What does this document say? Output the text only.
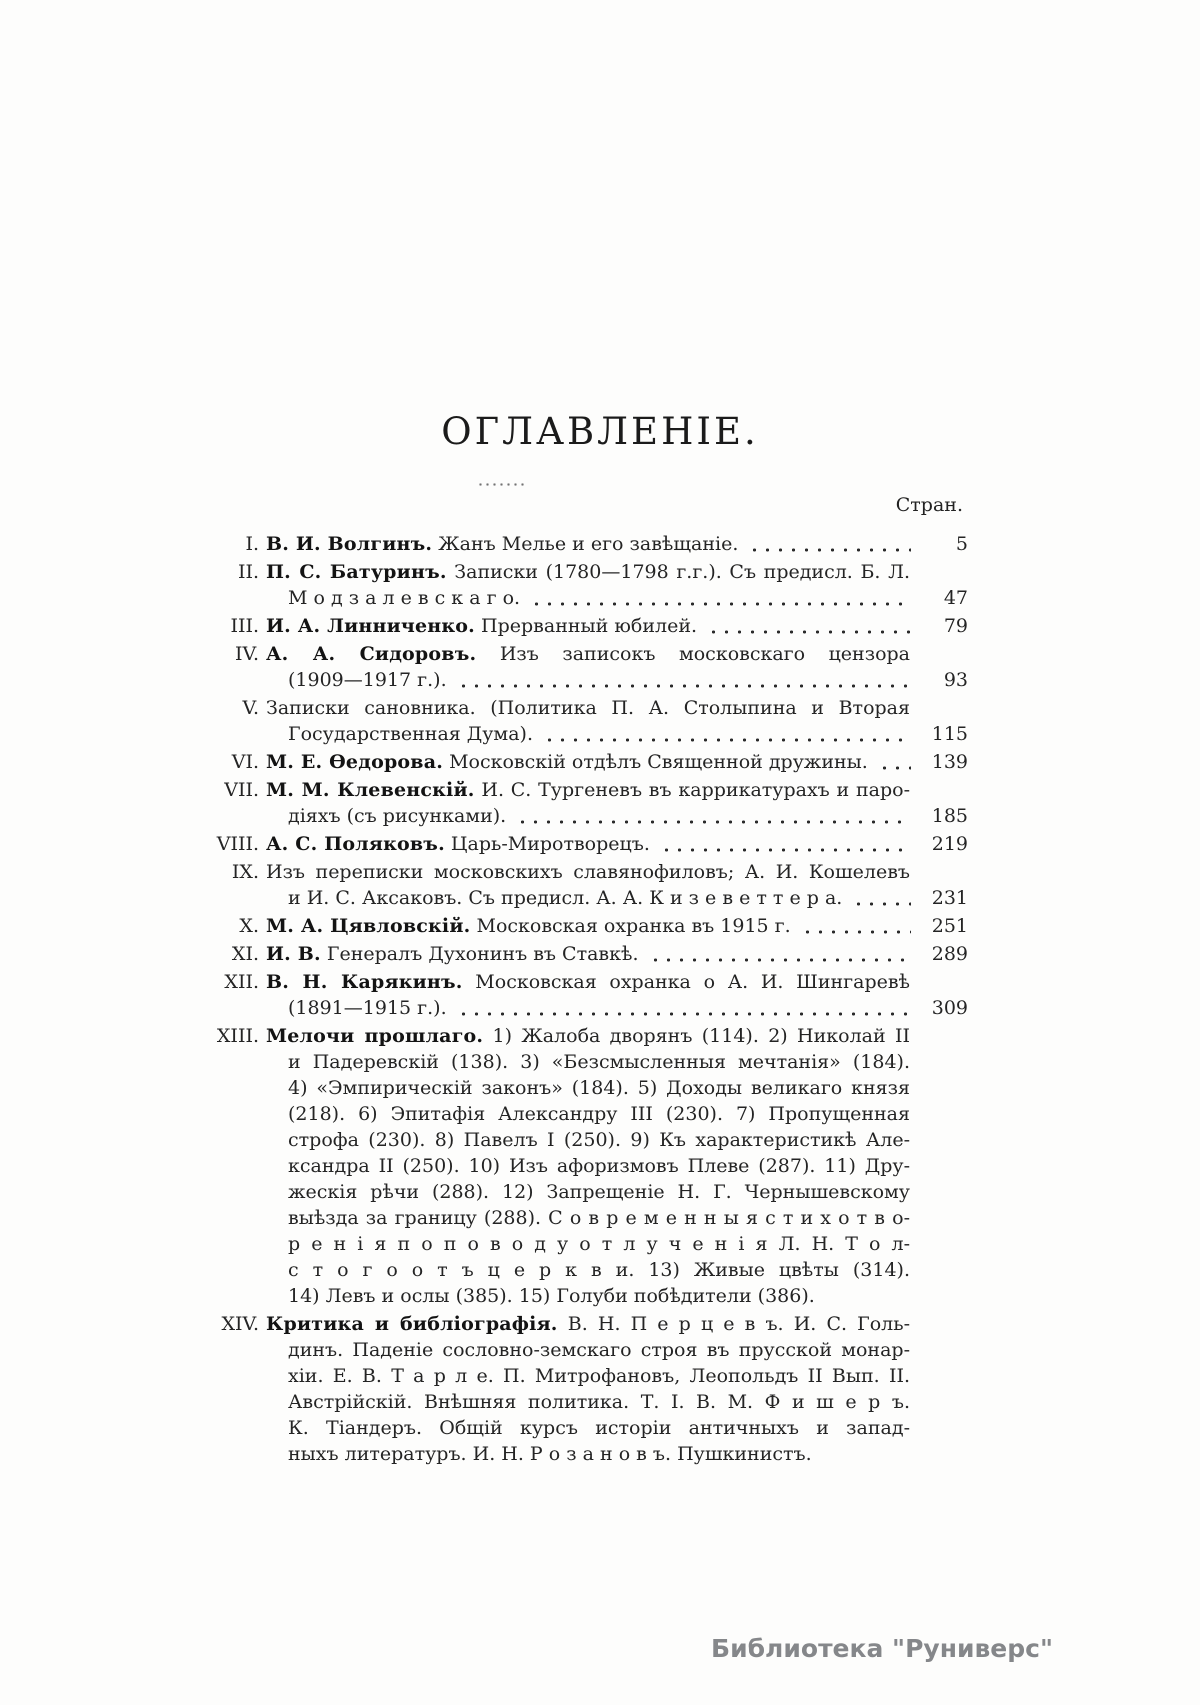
ОГЛАВЛЕНІЕ.
Стран.
I. В. И. Волгинъ. Жанъ Мелье и его завѣщаніе.	5
II. П. С. Батуринъ. Записки (1780—1798 г.г.). Съ предисл. Б. Л.
М о д з а л е в с к а г о.	47
III. И. А. Линниченко. Прерванный юбилей.	79
IV. А. А. Сидоровъ. Изъ записокъ московскаго цензора
(1909—1917 г.).	93
V. Записки сановника. (Политика П. А. Столыпина и Вторая
Государственная Дума).	115
VI. М. Е. Ѳедорова. Московскій отдѣлъ Священной дружины.	139
VII. М. М. Клевенскій. И. С. Тургеневъ въ каррикатурахъ и паро-
діяхъ (съ рисунками).	185
VIII. А. С. Поляковъ. Царь-Миротворецъ.	219
IX. Изъ переписки московскихъ славянофиловъ; А. И. Кошелевъ
и И. С. Аксаковъ. Съ предисл. А. А. К и з е в е т т е р а.	231
X. М. А. Цявловскій. Московская охранка въ 1915 г.	251
XI. И. В. Генералъ Духонинъ въ Ставкѣ.	289
XII. В. Н. Карякинъ. Московская охранка о А. И. Шингаревѣ
(1891—1915 г.).	309
XIII. Мелочи прошлаго. 1) Жалоба дворянъ (114). 2) Николай II
и Падеревскій (138). 3) «Безсмысленныя мечтанія» (184).
4) «Эмпирическій законъ» (184). 5) Доходы великаго князя
(218). 6) Эпитафія Александру III (230). 7) Пропущенная
строфа (230). 8) Павелъ I (250). 9) Къ характеристикѣ Але-
ксандра II (250). 10) Изъ афоризмовъ Плеве (287). 11) Дру-
жескія рѣчи (288). 12) Запрещеніе Н. Г. Чернышевскому
выѣзда за границу (288). С о в р е м е н н ы я с т и х о т в о-
р е н і я п о п о в о д у о т л у ч е н і я Л. Н. Т о л-
с т о г о о т ъ ц е р к в и. 13) Живые цвѣты (314).
14) Левъ и ослы (385). 15) Голуби побѣдители (386).
XIV. Критика и библіографія. В. Н. П е р ц е в ъ. И. С. Голь-
динъ. Паденіе сословно-земскаго строя въ прусской монар-
хіи. Е. В. Т а р л е. П. Митрофановъ, Леопольдъ II Вып. II.
Австрійскій. Внѣшняя политика. Т. I. В. М. Ф и ш е р ъ.
К. Тіандеръ. Общій курсъ исторіи античныхъ и запад-
ныхъ литературъ. И. Н. Р о з а н о в ъ. Пушкинистъ.
Библиотека "Руниверс"
